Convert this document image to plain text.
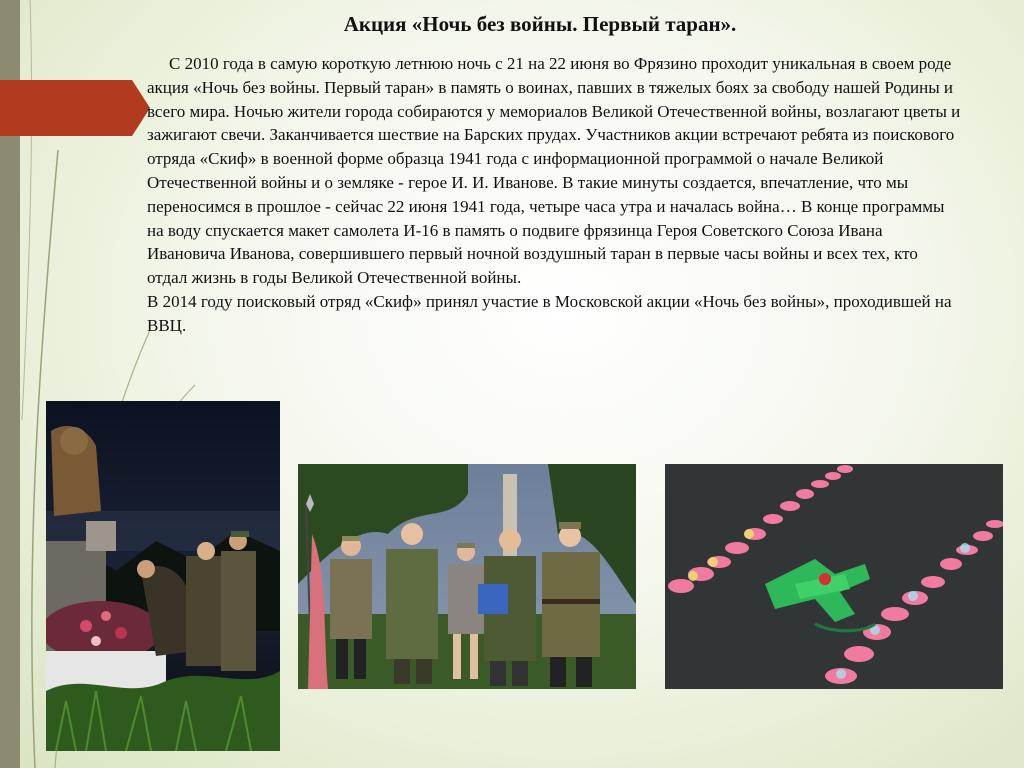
Акция «Ночь без войны. Первый таран».

С 2010 года в самую короткую летнюю ночь с 21 на 22 июня во Фрязино проходит уникальная в своем роде акция «Ночь без войны. Первый таран» в память о воинах, павших в тяжелых боях за свободу нашей Родины и всего мира. Ночью жители города собираются у мемориалов Великой Отечественной войны, возлагают цветы и зажигают свечи. Заканчивается шествие на Барских прудах. Участников акции встречают ребята из поискового отряда «Скиф» в военной форме образца 1941 года с информационной программой о начале Великой Отечественной войны и о земляке - герое И. И. Иванове. В такие минуты создается, впечатление, что мы переносимся в прошлое - сейчас 22 июня 1941 года, четыре часа утра и началась война… В конце программы на воду спускается макет самолета И-16 в память о подвиге фрязинца Героя Советского Союза Ивана Ивановича Иванова, совершившего первый ночной воздушный таран в первые часы войны и всех тех, кто отдал жизнь в годы Великой Отечественной войны.

В 2014 году поисковый отряд «Скиф» принял участие в Московской акции «Ночь без войны», проходившей на ВВЦ.
